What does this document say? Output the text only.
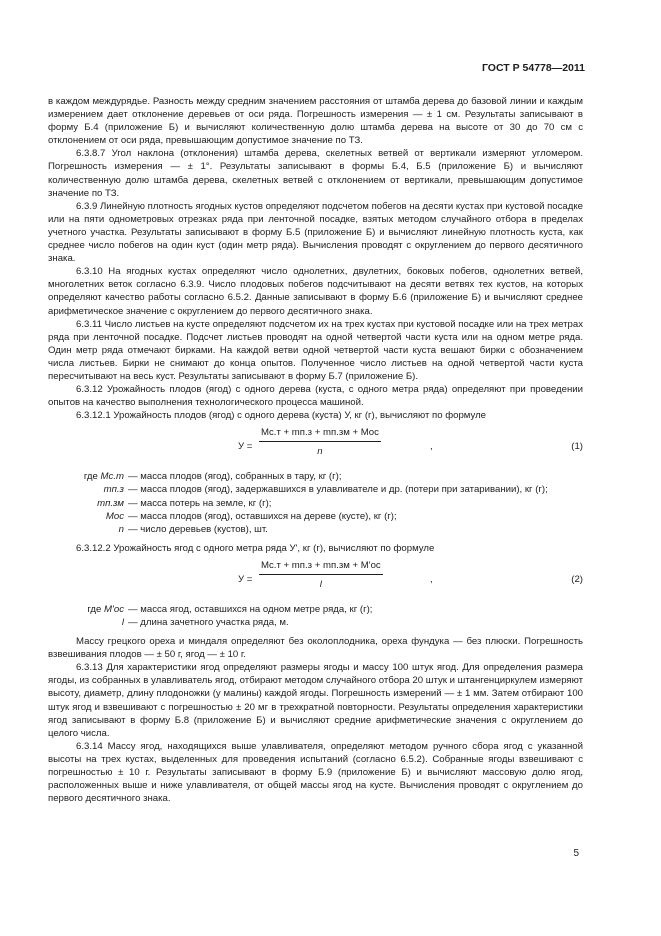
ГОСТ Р 54778—2011

в каждом междурядье. Разность между средним значением расстояния от штамба дерева до базовой линии и каждым измерением дает отклонение деревьев от оси ряда. Погрешность измерения — ± 1 см. Результаты записывают в форму Б.4 (приложение Б) и вычисляют количественную долю штамба дерева на высоте от 30 до 70 см с отклонением от оси ряда, превышающим допустимое значение по ТЗ.

6.3.8.7 Угол наклона (отклонения) штамба дерева, скелетных ветвей от вертикали измеряют угломером. Погрешность измерения — ± 1°. Результаты записывают в формы Б.4, Б.5 (приложение Б) и вычисляют количественную долю штамба дерева, скелетных ветвей с отклонением от вертикали, превышающим допустимое значение по ТЗ.

6.3.9 Линейную плотность ягодных кустов определяют подсчетом побегов на десяти кустах при кустовой посадке или на пяти однометровых отрезках ряда при ленточной посадке, взятых методом случайного отбора в пределах учетного участка. Результаты записывают в форму Б.5 (приложение Б) и вычисляют линейную плотность куста, как среднее число побегов на один куст (один метр ряда). Вычисления проводят с округлением до первого десятичного знака.

6.3.10 На ягодных кустах определяют число однолетних, двулетних, боковых побегов, однолетних ветвей, многолетних веток согласно 6.3.9. Число плодовых побегов подсчитывают на десяти ветвях тех кустов, на которых определяют качество работы согласно 6.5.2. Данные записывают в форму Б.6 (приложение Б) и вычисляют среднее арифметическое значение с округлением до первого десятичного знака.

6.3.11 Число листьев на кусте определяют подсчетом их на трех кустах при кустовой посадке или на трех метрах ряда при ленточной посадке. Подсчет листьев проводят на одной четвертой части куста или на одном метре ряда. Один метр ряда отмечают бирками. На каждой ветви одной четвертой части куста вешают бирки с обозначением числа листьев. Бирки не снимают до конца опытов. Полученное число листьев на одной четвертой части куста пересчитывают на весь куст. Результаты записывают в форму Б.7 (приложение Б).

6.3.12 Урожайность плодов (ягод) с одного дерева (куста, с одного метра ряда) определяют при проведении опытов на качество выполнения технологического процесса машиной.

6.3.12.1 Урожайность плодов (ягод) с одного дерева (куста) У, кг (г), вычисляют по формуле

У =
Mс.т + mп.з + mп.зм + Mос
n	,	(1)
где Mс.т — масса плодов (ягод), собранных в тару, кг (г);
mп.з — масса плодов (ягод), задержавшихся в улавливателе и др. (потери при затаривании), кг (г);
mп.зм — масса потерь на земле, кг (г);
Mос — масса плодов (ягод), оставшихся на дереве (кусте), кг (г);
n — число деревьев (кустов), шт.

6.3.12.2 Урожайность ягод с одного метра ряда У', кг (г), вычисляют по формуле

У =
Mс.т + mп.з + mп.зм + M'ос
l	,	(2)
где M'ос — масса ягод, оставшихся на одном метре ряда, кг (г);
l — длина зачетного участка ряда, м.

Массу грецкого ореха и миндаля определяют без околоплодника, ореха фундука — без плюски. Погрешность взвешивания плодов — ± 50 г, ягод — ± 10 г.

6.3.13 Для характеристики ягод определяют размеры ягоды и массу 100 штук ягод. Для определения размера ягоды, из собранных в улавливатель ягод, отбирают методом случайного отбора 20 штук и штангенциркулем измеряют высоту, диаметр, длину плодоножки (у малины) каждой ягоды. Погрешность измерений — ± 1 мм. Затем отбирают 100 штук ягод и взвешивают с погрешностью ± 20 мг в трехкратной повторности. Результаты определения характеристики ягод записывают в форму Б.8 (приложение Б) и вычисляют средние арифметические значения с округлением до целого числа.

6.3.14 Массу ягод, находящихся выше улавливателя, определяют методом ручного сбора ягод с указанной высоты на трех кустах, выделенных для проведения испытаний (согласно 6.5.2). Собранные ягоды взвешивают с погрешностью ± 10 г. Результаты записывают в форму Б.9 (приложение Б) и вычисляют массовую долю ягод, расположенных выше и ниже улавливателя, от общей массы ягод на кусте. Вычисления проводят с округлением до первого десятичного знака.

5
